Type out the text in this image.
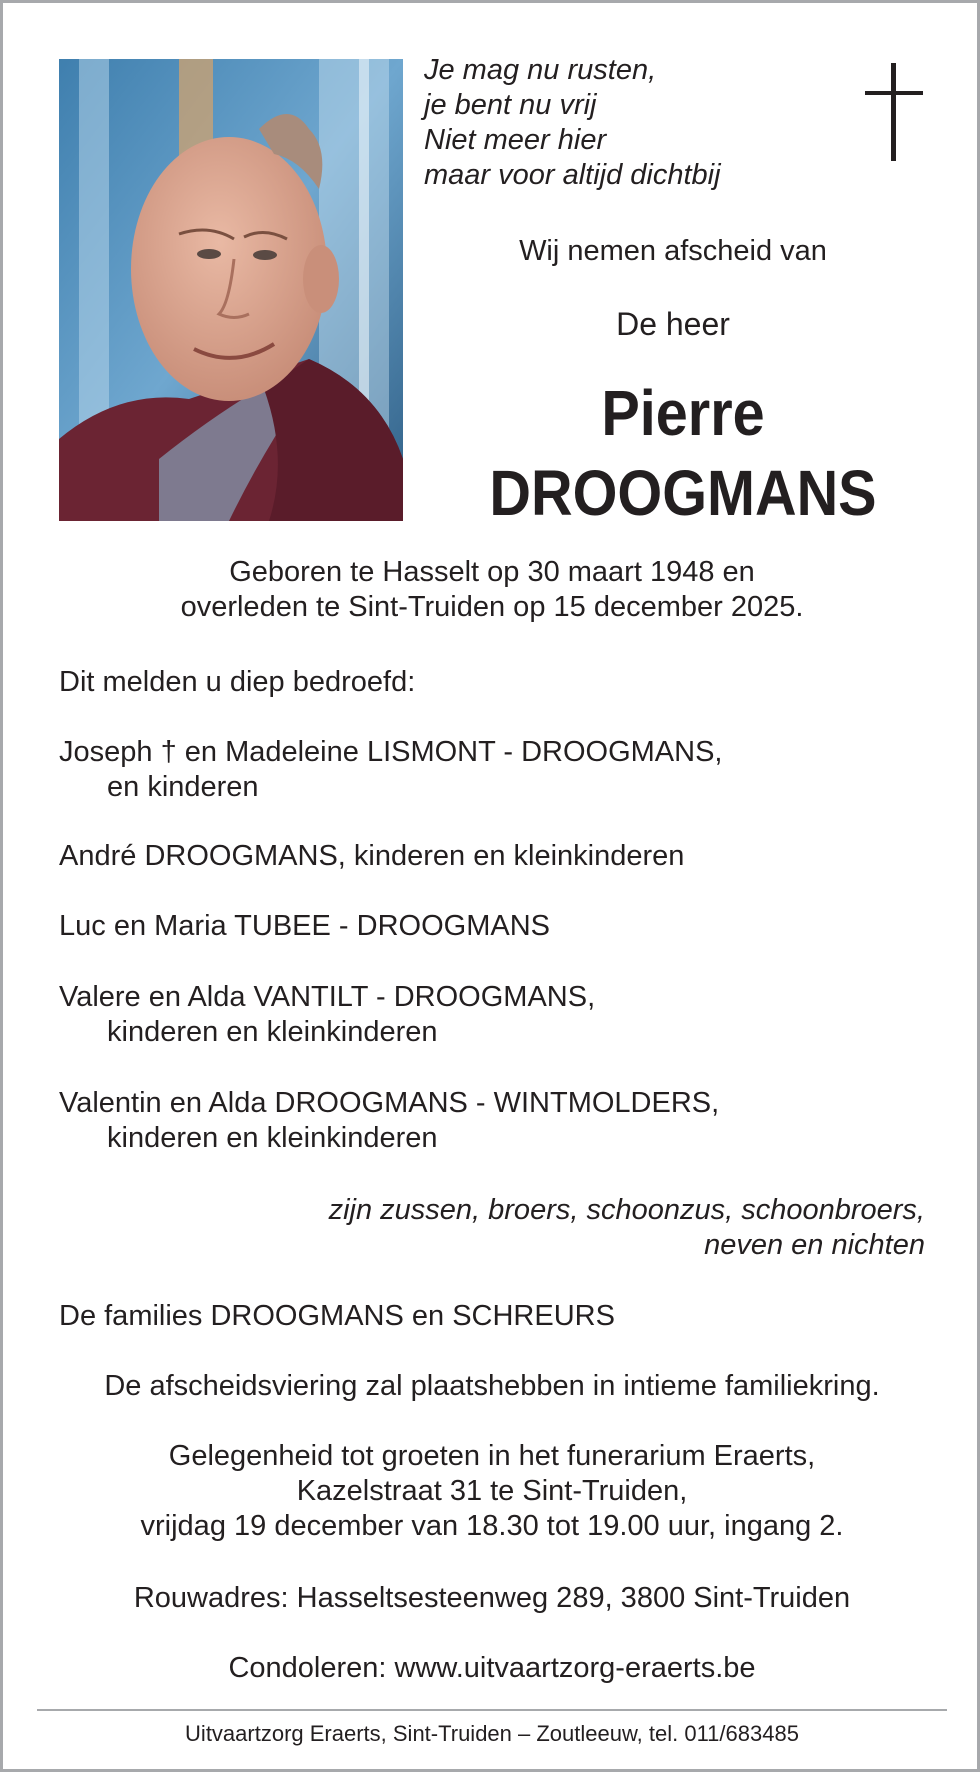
Je mag nu rusten,
je bent nu vrij
Niet meer hier
maar voor altijd dichtbij
Wij nemen afscheid van
De heer
Pierre
DROOGMANS
Geboren te Hasselt op 30 maart 1948 en
overleden te Sint-Truiden op 15 december 2025.
Dit melden u diep bedroefd:
Joseph † en Madeleine LISMONT - DROOGMANS,
en kinderen
André DROOGMANS, kinderen en kleinkinderen
Luc en Maria TUBEE - DROOGMANS
Valere en Alda VANTILT - DROOGMANS,
kinderen en kleinkinderen
Valentin en Alda DROOGMANS - WINTMOLDERS,
kinderen en kleinkinderen
zijn zussen, broers, schoonzus, schoonbroers,
neven en nichten
De families DROOGMANS en SCHREURS
De afscheidsviering zal plaatshebben in intieme familiekring.
Gelegenheid tot groeten in het funerarium Eraerts,
Kazelstraat 31 te Sint-Truiden,
vrijdag 19 december van 18.30 tot 19.00 uur, ingang 2.
Rouwadres: Hasseltsesteenweg 289, 3800 Sint-Truiden
Condoleren: www.uitvaartzorg-eraerts.be
Uitvaartzorg Eraerts, Sint-Truiden – Zoutleeuw, tel. 011/683485
